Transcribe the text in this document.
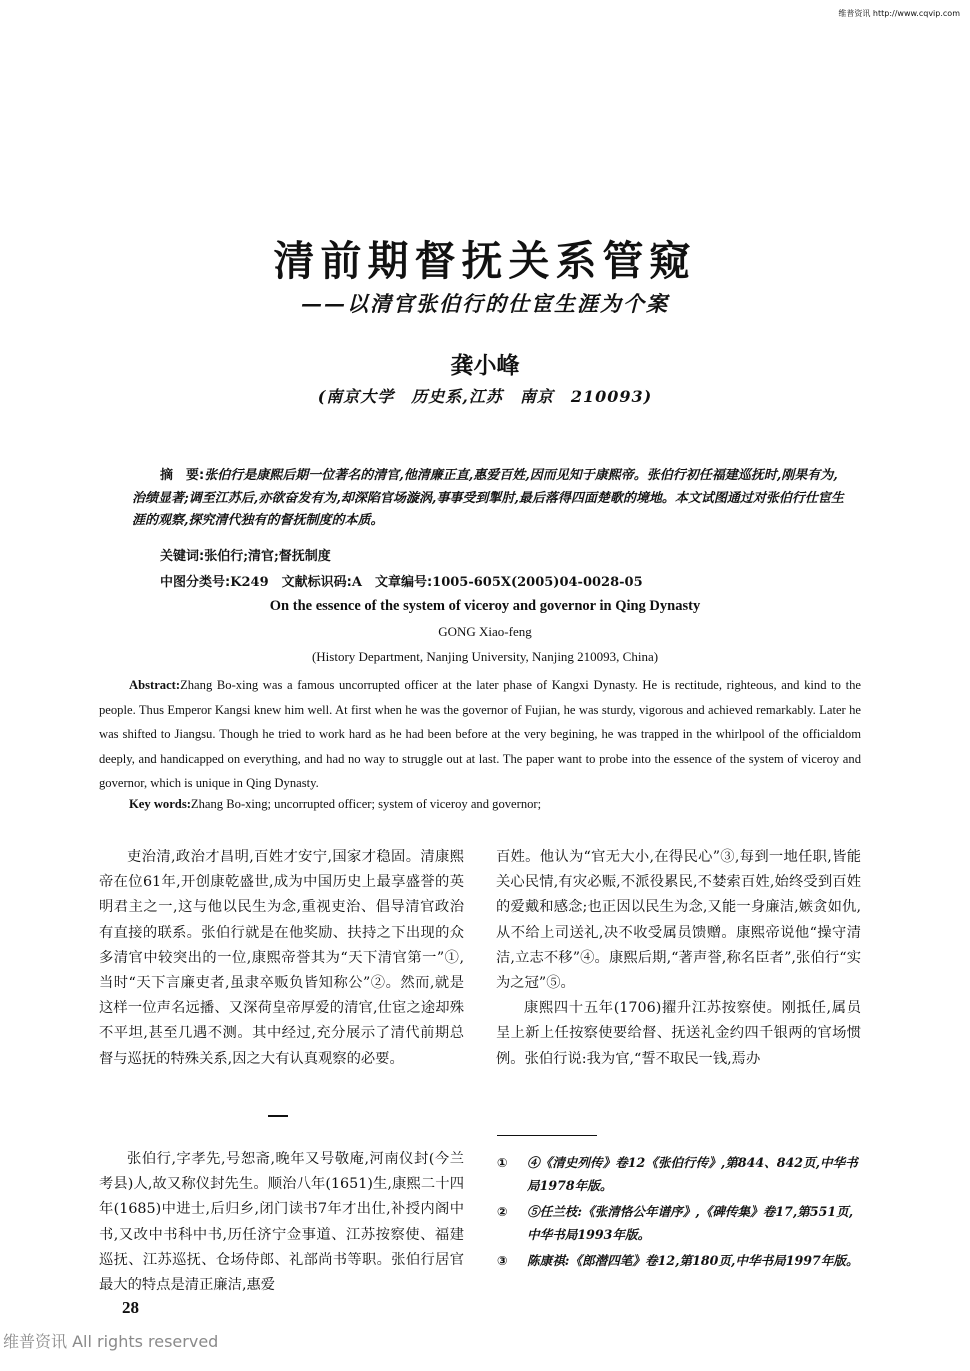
维普资讯 http://www.cqvip.com
清前期督抚关系管窥
——以清官张伯行的仕宦生涯为个案
龚小峰
(南京大学　历史系,江苏　南京　210093)
摘　要:张伯行是康熙后期一位著名的清官,他清廉正直,惠爱百姓,因而见知于康熙帝。张伯行初任福建巡抚时,刚果有为,治绩显著;调至江苏后,亦欲奋发有为,却深陷官场漩涡,事事受到掣肘,最后落得四面楚歌的境地。本文试图通过对张伯行仕宦生涯的观察,探究清代独有的督抚制度的本质。
关键词:张伯行;清官;督抚制度
中图分类号:K249　 文献标识码:A　 文章编号:1005-605X(2005)04-0028-05
On the essence of the system of viceroy and governor in Qing Dynasty
GONG Xiao-feng
(History Department, Nanjing University, Nanjing 210093, China)
Abstract:Zhang Bo-xing was a famous uncorrupted officer at the later phase of Kangxi Dynasty. He is rectitude, righteous, and kind to the people. Thus Emperor Kangsi knew him well. At first when he was the governor of Fujian, he was sturdy, vigorous and achieved remarkably. Later he was shifted to Jiangsu. Though he tried to work hard as he had been before at the very begining, he was trapped in the whirlpool of the officialdom deeply, and handicapped on everything, and had no way to struggle out at last. The paper want to probe into the essence of the system of viceroy and governor, which is unique in Qing Dynasty.
Key words:Zhang Bo-xing; uncorrupted officer; system of viceroy and governor;

吏治清,政治才昌明,百姓才安宁,国家才稳固。清康熙帝在位61年,开创康乾盛世,成为中国历史上最享盛誉的英明君主之一,这与他以民生为念,重视吏治、倡导清官政治有直接的联系。张伯行就是在他奖励、扶持之下出现的众多清官中较突出的一位,康熙帝誉其为“天下清官第一”①,当时“天下言廉吏者,虽隶卒贩负皆知称公”②。然而,就是这样一位声名远播、又深荷皇帝厚爱的清官,仕宦之途却殊不平坦,甚至几遇不测。其中经过,充分展示了清代前期总督与巡抚的特殊关系,因之大有认真观察的必要。

百姓。他认为“官无大小,在得民心”③,每到一地任职,皆能关心民情,有灾必赈,不派役累民,不婪索百姓,始终受到百姓的爱戴和感念;也正因以民生为念,又能一身廉洁,嫉贪如仇,从不给上司送礼,决不收受属员馈赠。康熙帝说他“操守清洁,立志不移”④。康熙后期,“著声誉,称名臣者”,张伯行“实为之冠”⑤。

康熙四十五年(1706)擢升江苏按察使。刚抵任,属员呈上新上任按察使要给督、抚送礼金约四千银两的官场惯例。张伯行说:我为官,“誓不取民一钱,焉办

张伯行,字孝先,号恕斋,晚年又号敬庵,河南仪封(今兰考县)人,故又称仪封先生。顺治八年(1651)生,康熙二十四年(1685)中进士,后归乡,闭门读书7年才出仕,补授内阁中书,又改中书科中书,历任济宁佥事道、江苏按察使、福建巡抚、江苏巡抚、仓场侍郎、礼部尚书等职。张伯行居官最大的特点是清正廉洁,惠爱

① ④《清史列传》卷12《张伯行传》,第844、842页,中华书局1978年版。
② ⑤任兰枝:《张清恪公年谱序》,《碑传集》卷17,第551页,中华书局1993年版。
③ 陈康祺:《郎潜四笔》卷12,第180页,中华书局1997年版。
28
维普资讯 All rights reserved
